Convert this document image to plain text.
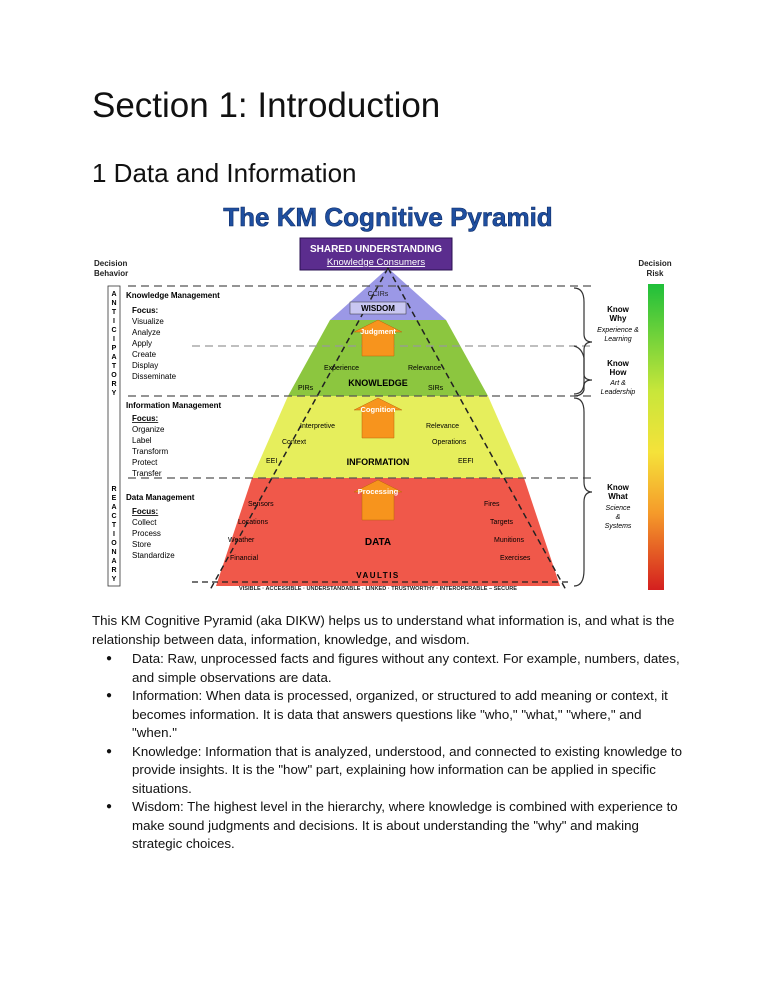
Section 1: Introduction
1 Data and Information
The KM Cognitive Pyramid
SHARED UNDERSTANDING
Knowledge Consumers
Decision
Behavior
Decision
Risk
A
N
T
I
C
I
P
A
T
O
R
Y
R
E
A
C
T
I
O
N
A
R
Y
Knowledge Management
Focus:
Visualize
Analyze
Apply
Create
Display
Disseminate
Information Management
Focus:
Organize
Label
Transform
Protect
Transfer
Data Management
Focus:
Collect
Process
Store
Standardize
CCIRs
WISDOM
Judgment
Experience	Relevance
PIRs
KNOWLEDGE
SIRs
Cognition
Interpretive	Relevance
Context	Operations
EEI	INFORMATION	EEFI
Processing
Sensors	Fires
Locations	Targets
Weather	DATA	Munitions
Financial	Exercises
VAULTIS
VISIBLE · ACCESSIBLE · UNDERSTANDABLE · LINKED · TRUSTWORTHY · INTEROPERABLE – SECURE
Know
Why
Experience &
Learning
Know
How
Art &
Leadership
Know
What
Science
&
Systems

This KM Cognitive Pyramid (aka DIKW) helps us to understand what information is, and what is the relationship between data, information, knowledge, and wisdom.

● Data: Raw, unprocessed facts and figures without any context. For example, numbers, dates, and simple observations are data.
● Information: When data is processed, organized, or structured to add meaning or context, it becomes information. It is data that answers questions like "who," "what," "where," and "when."
● Knowledge: Information that is analyzed, understood, and connected to existing knowledge to provide insights. It is the "how" part, explaining how information can be applied in specific situations.
● Wisdom: The highest level in the hierarchy, where knowledge is combined with experience to make sound judgments and decisions. It is about understanding the "why" and making strategic choices.
